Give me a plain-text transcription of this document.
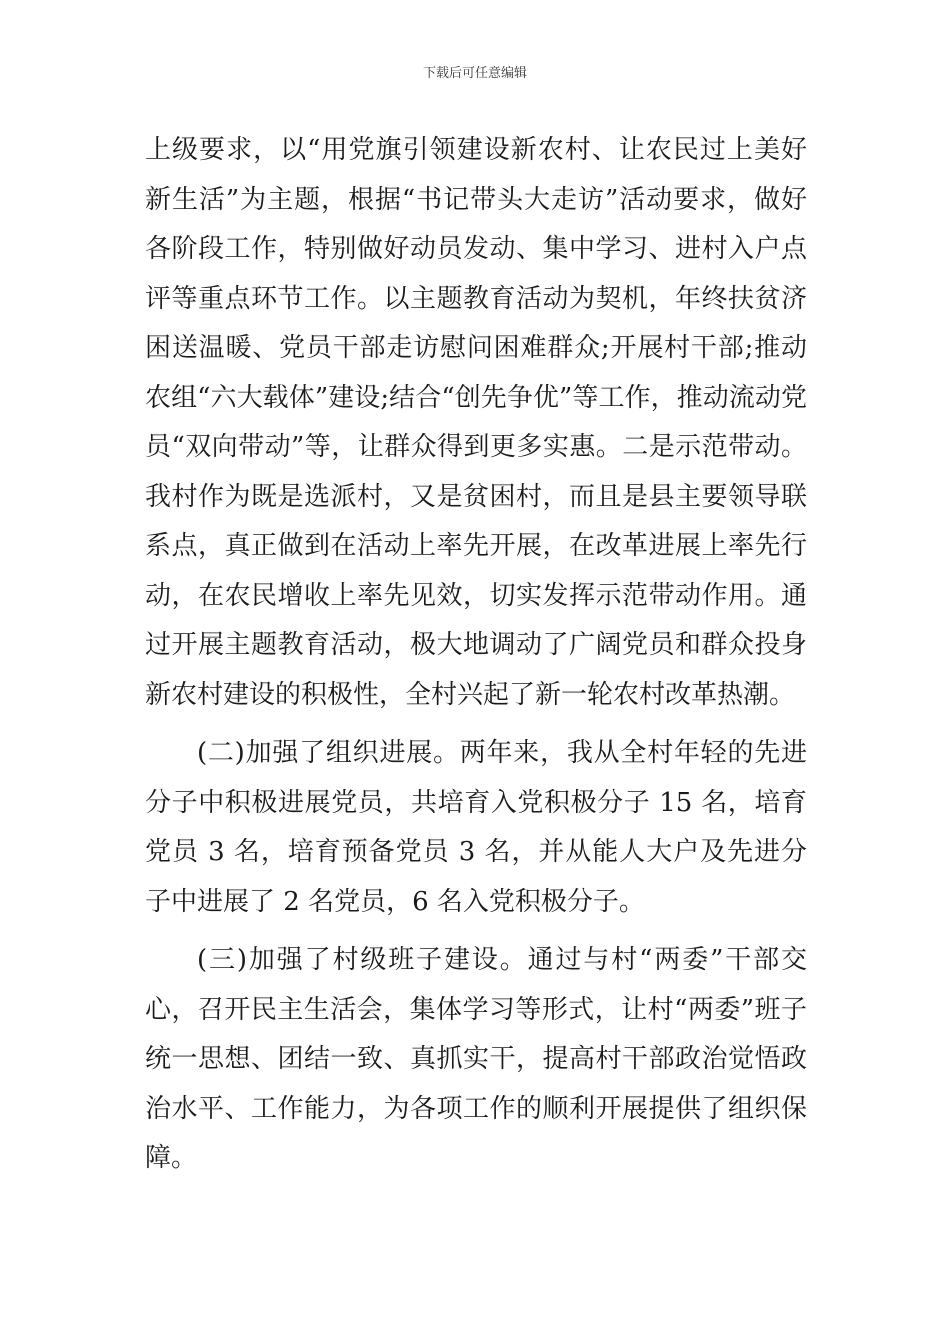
下载后可任意编辑

上级要求，以“用党旗引领建设新农村、让农民过上美好新生活”为主题，根据“书记带头大走访”活动要求，做好各阶段工作，特别做好动员发动、集中学习、进村入户点评等重点环节工作。以主题教育活动为契机，年终扶贫济困送温暖、党员干部走访慰问困难群众;开展村干部;推动农组“六大载体”建设;结合“创先争优”等工作，推动流动党员“双向带动”等，让群众得到更多实惠。二是示范带动。我村作为既是选派村，又是贫困村，而且是县主要领导联系点，真正做到在活动上率先开展，在改革进展上率先行动，在农民增收上率先见效，切实发挥示范带动作用。通过开展主题教育活动，极大地调动了广阔党员和群众投身新农村建设的积极性，全村兴起了新一轮农村改革热潮。

(二)加强了组织进展。两年来，我从全村年轻的先进分子中积极进展党员，共培育入党积极分子 15 名，培育党员 3 名，培育预备党员 3 名，并从能人大户及先进分子中进展了 2 名党员，6 名入党积极分子。

(三)加强了村级班子建设。通过与村“两委”干部交心，召开民主生活会，集体学习等形式，让村“两委”班子统一思想、团结一致、真抓实干，提高村干部政治觉悟政治水平、工作能力，为各项工作的顺利开展提供了组织保障。
